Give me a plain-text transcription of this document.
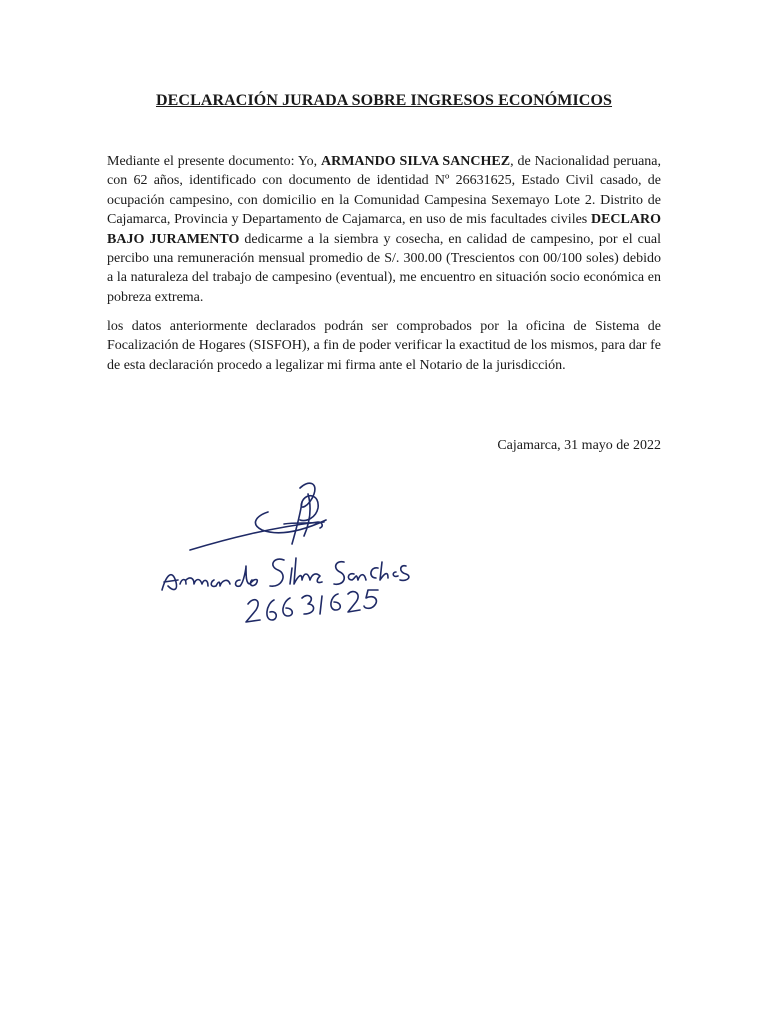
DECLARACIÓN JURADA SOBRE INGRESOS ECONÓMICOS
Mediante el presente documento: Yo, ARMANDO SILVA SANCHEZ, de Nacionalidad peruana, con 62 años, identificado con documento de identidad Nº 26631625, Estado Civil casado, de ocupación campesino, con domicilio en la Comunidad Campesina Sexemayo Lote 2. Distrito de Cajamarca, Provincia y Departamento de Cajamarca, en uso de mis facultades civiles DECLARO BAJO JURAMENTO dedicarme a la siembra y cosecha, en calidad de campesino, por el cual percibo una remuneración mensual promedio de S/. 300.00 (Trescientos con 00/100 soles) debido a la naturaleza del trabajo de campesino (eventual), me encuentro en situación socio económica en pobreza extrema.
los datos anteriormente declarados podrán ser comprobados por la oficina de Sistema de Focalización de Hogares (SISFOH), a fin de poder verificar la exactitud de los mismos, para dar fe de esta declaración procedo a legalizar mi firma ante el Notario de la jurisdicción.
Cajamarca, 31 mayo de 2022
